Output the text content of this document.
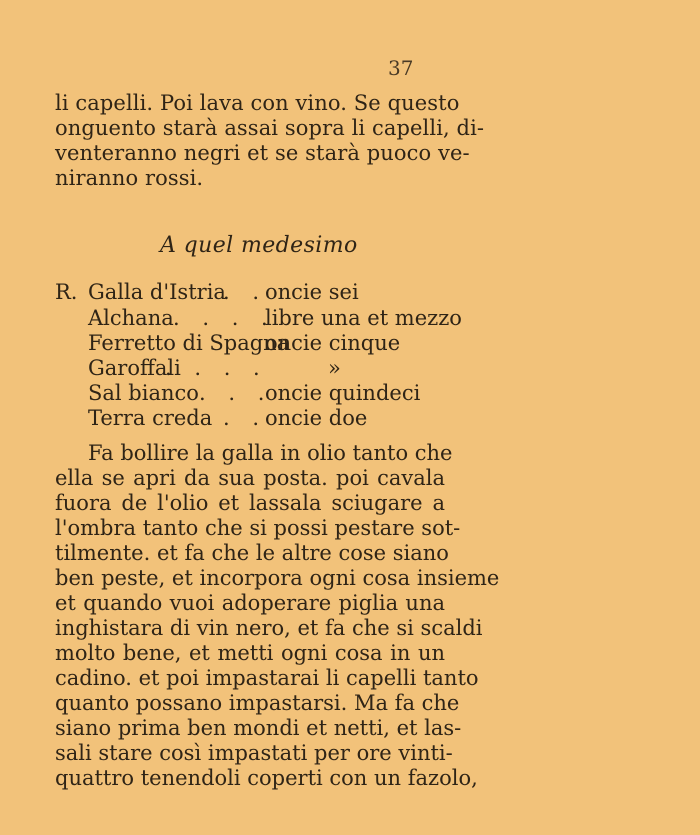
37
li capelli. Poi lava con vino. Se questo
onguento starà assai sopra li capelli, di-
venteranno negri et se starà puoco ve-
niranno rossi.
A quel medesimo
R. Galla d'Istria
. .
oncie sei
Alchana . . . .
libre una et mezzo
Ferretto di Spagna
oncie cinque
Garoffali
. . . .	»
Sal bianco . . .
oncie quindeci
Terra creda . .
oncie doe
Fa bollire la galla in olio tanto che
ella se apri da sua posta. poi cavala
fuora de l'olio et lassala sciugare a
l'ombra tanto che si possi pestare sot-
tilmente. et fa che le altre cose siano
ben peste, et incorpora ogni cosa insieme
et quando vuoi adoperare piglia una
inghistara di vin nero, et fa che si scaldi
molto bene, et metti ogni cosa in un
cadino. et poi impastarai li capelli tanto
quanto possano impastarsi. Ma fa che
siano prima ben mondi et netti, et las-
sali stare così impastati per ore vinti-
quattro tenendoli coperti con un fazolo,
